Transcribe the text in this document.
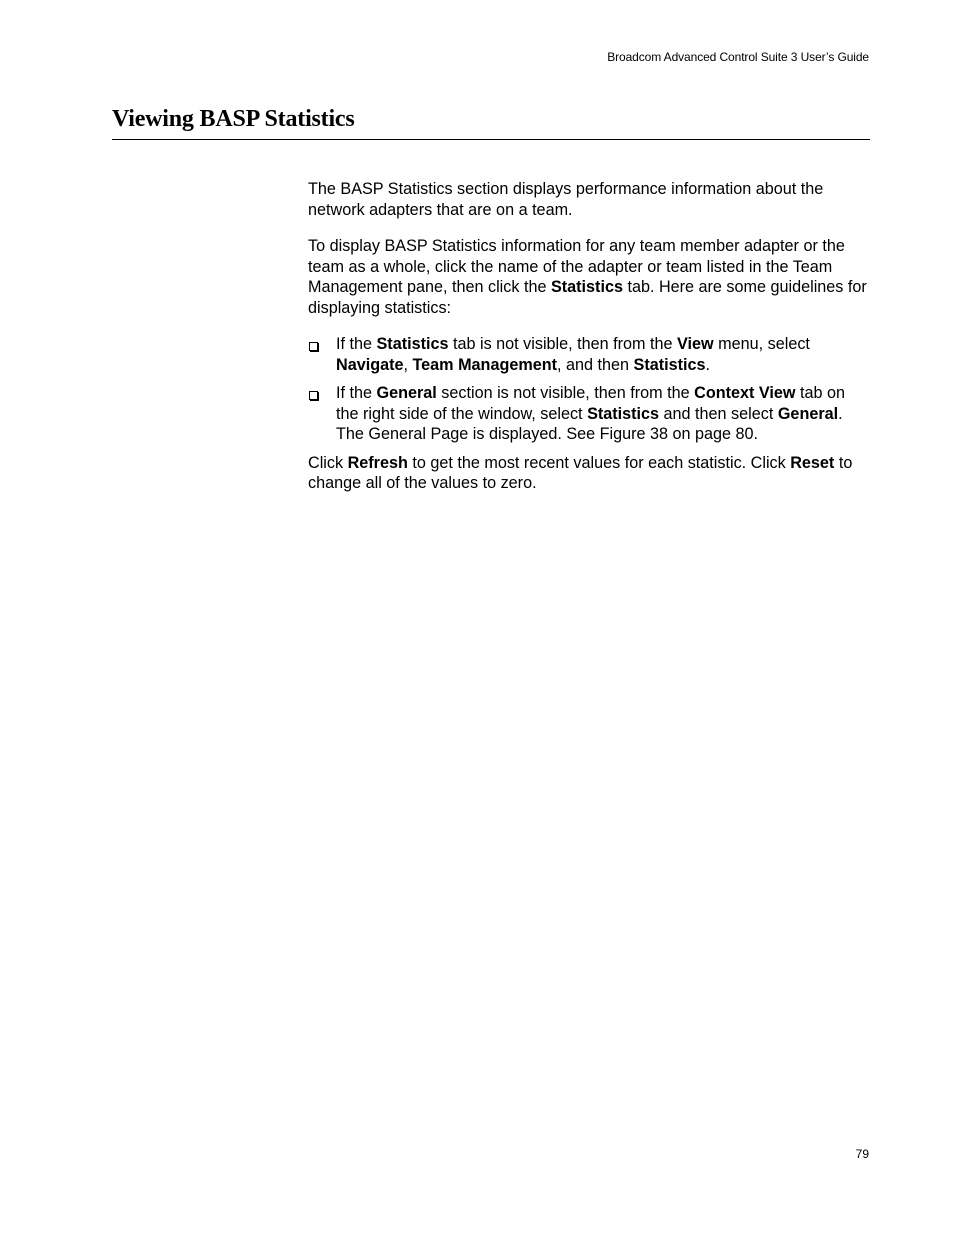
Broadcom Advanced Control Suite 3 User’s Guide
Viewing BASP Statistics

The BASP Statistics section displays performance information about the network adapters that are on a team.

To display BASP Statistics information for any team member adapter or the team as a whole, click the name of the adapter or team listed in the Team Management pane, then click the Statistics tab. Here are some guidelines for displaying statistics:

If the Statistics tab is not visible, then from the View menu, select Navigate, Team Management, and then Statistics.
If the General section is not visible, then from the Context View tab on the right side of the window, select Statistics and then select General. The General Page is displayed. See Figure 38 on page 80.

Click Refresh to get the most recent values for each statistic. Click Reset to change all of the values to zero.

79
